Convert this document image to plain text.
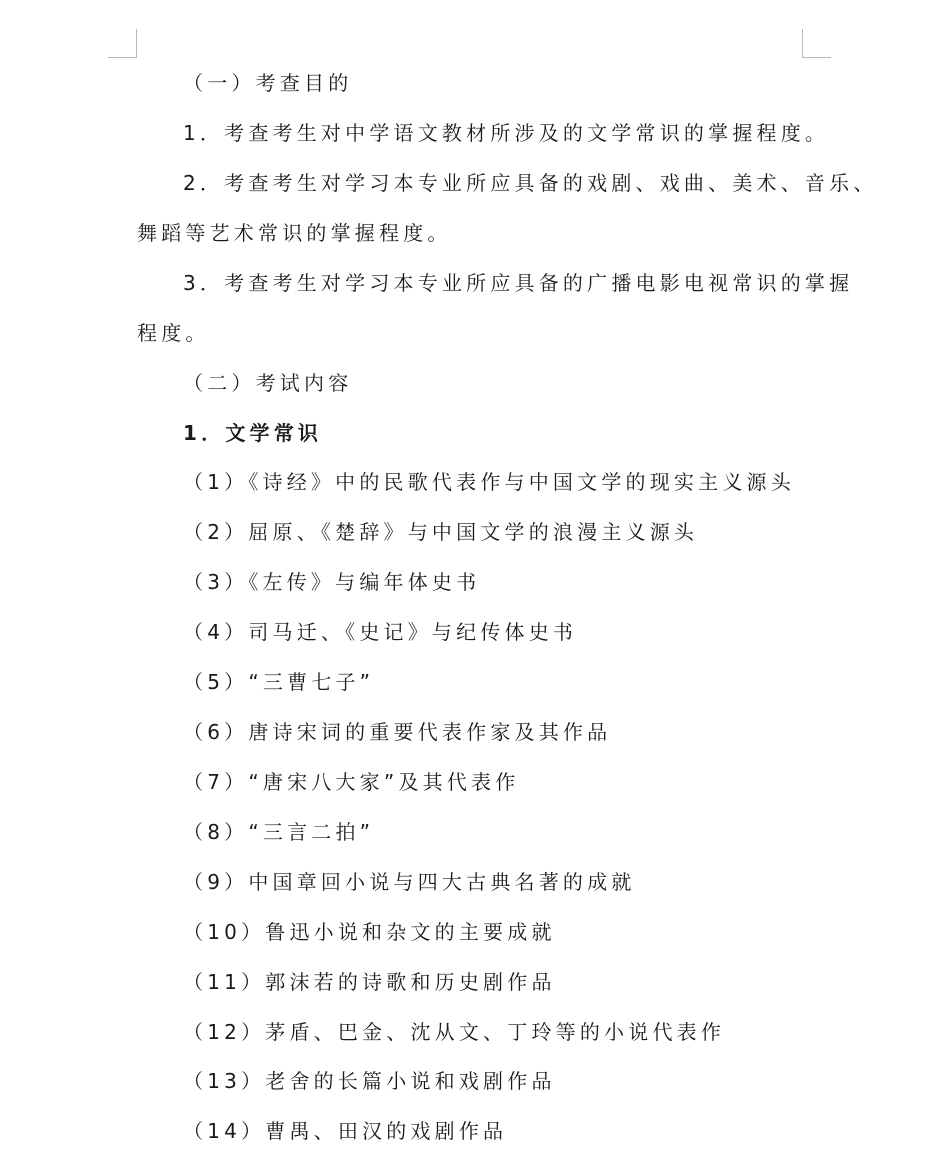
（一）考查目的
1．考查考生对中学语文教材所涉及的文学常识的掌握程度。
2．考查考生对学习本专业所应具备的戏剧、戏曲、美术、音乐、
舞蹈等艺术常识的掌握程度。
3．考查考生对学习本专业所应具备的广播电影电视常识的掌握
程度。
（二）考试内容
1．文学常识
（1）《诗经》中的民歌代表作与中国文学的现实主义源头
（2）屈原、《楚辞》与中国文学的浪漫主义源头
（3）《左传》与编年体史书
（4）司马迁、《史记》与纪传体史书
（5）“三曹七子”
（6）唐诗宋词的重要代表作家及其作品
（7）“唐宋八大家”及其代表作
（8）“三言二拍”
（9）中国章回小说与四大古典名著的成就
（10）鲁迅小说和杂文的主要成就
（11）郭沫若的诗歌和历史剧作品
（12）茅盾、巴金、沈从文、丁玲等的小说代表作
（13）老舍的长篇小说和戏剧作品
（14）曹禺、田汉的戏剧作品
